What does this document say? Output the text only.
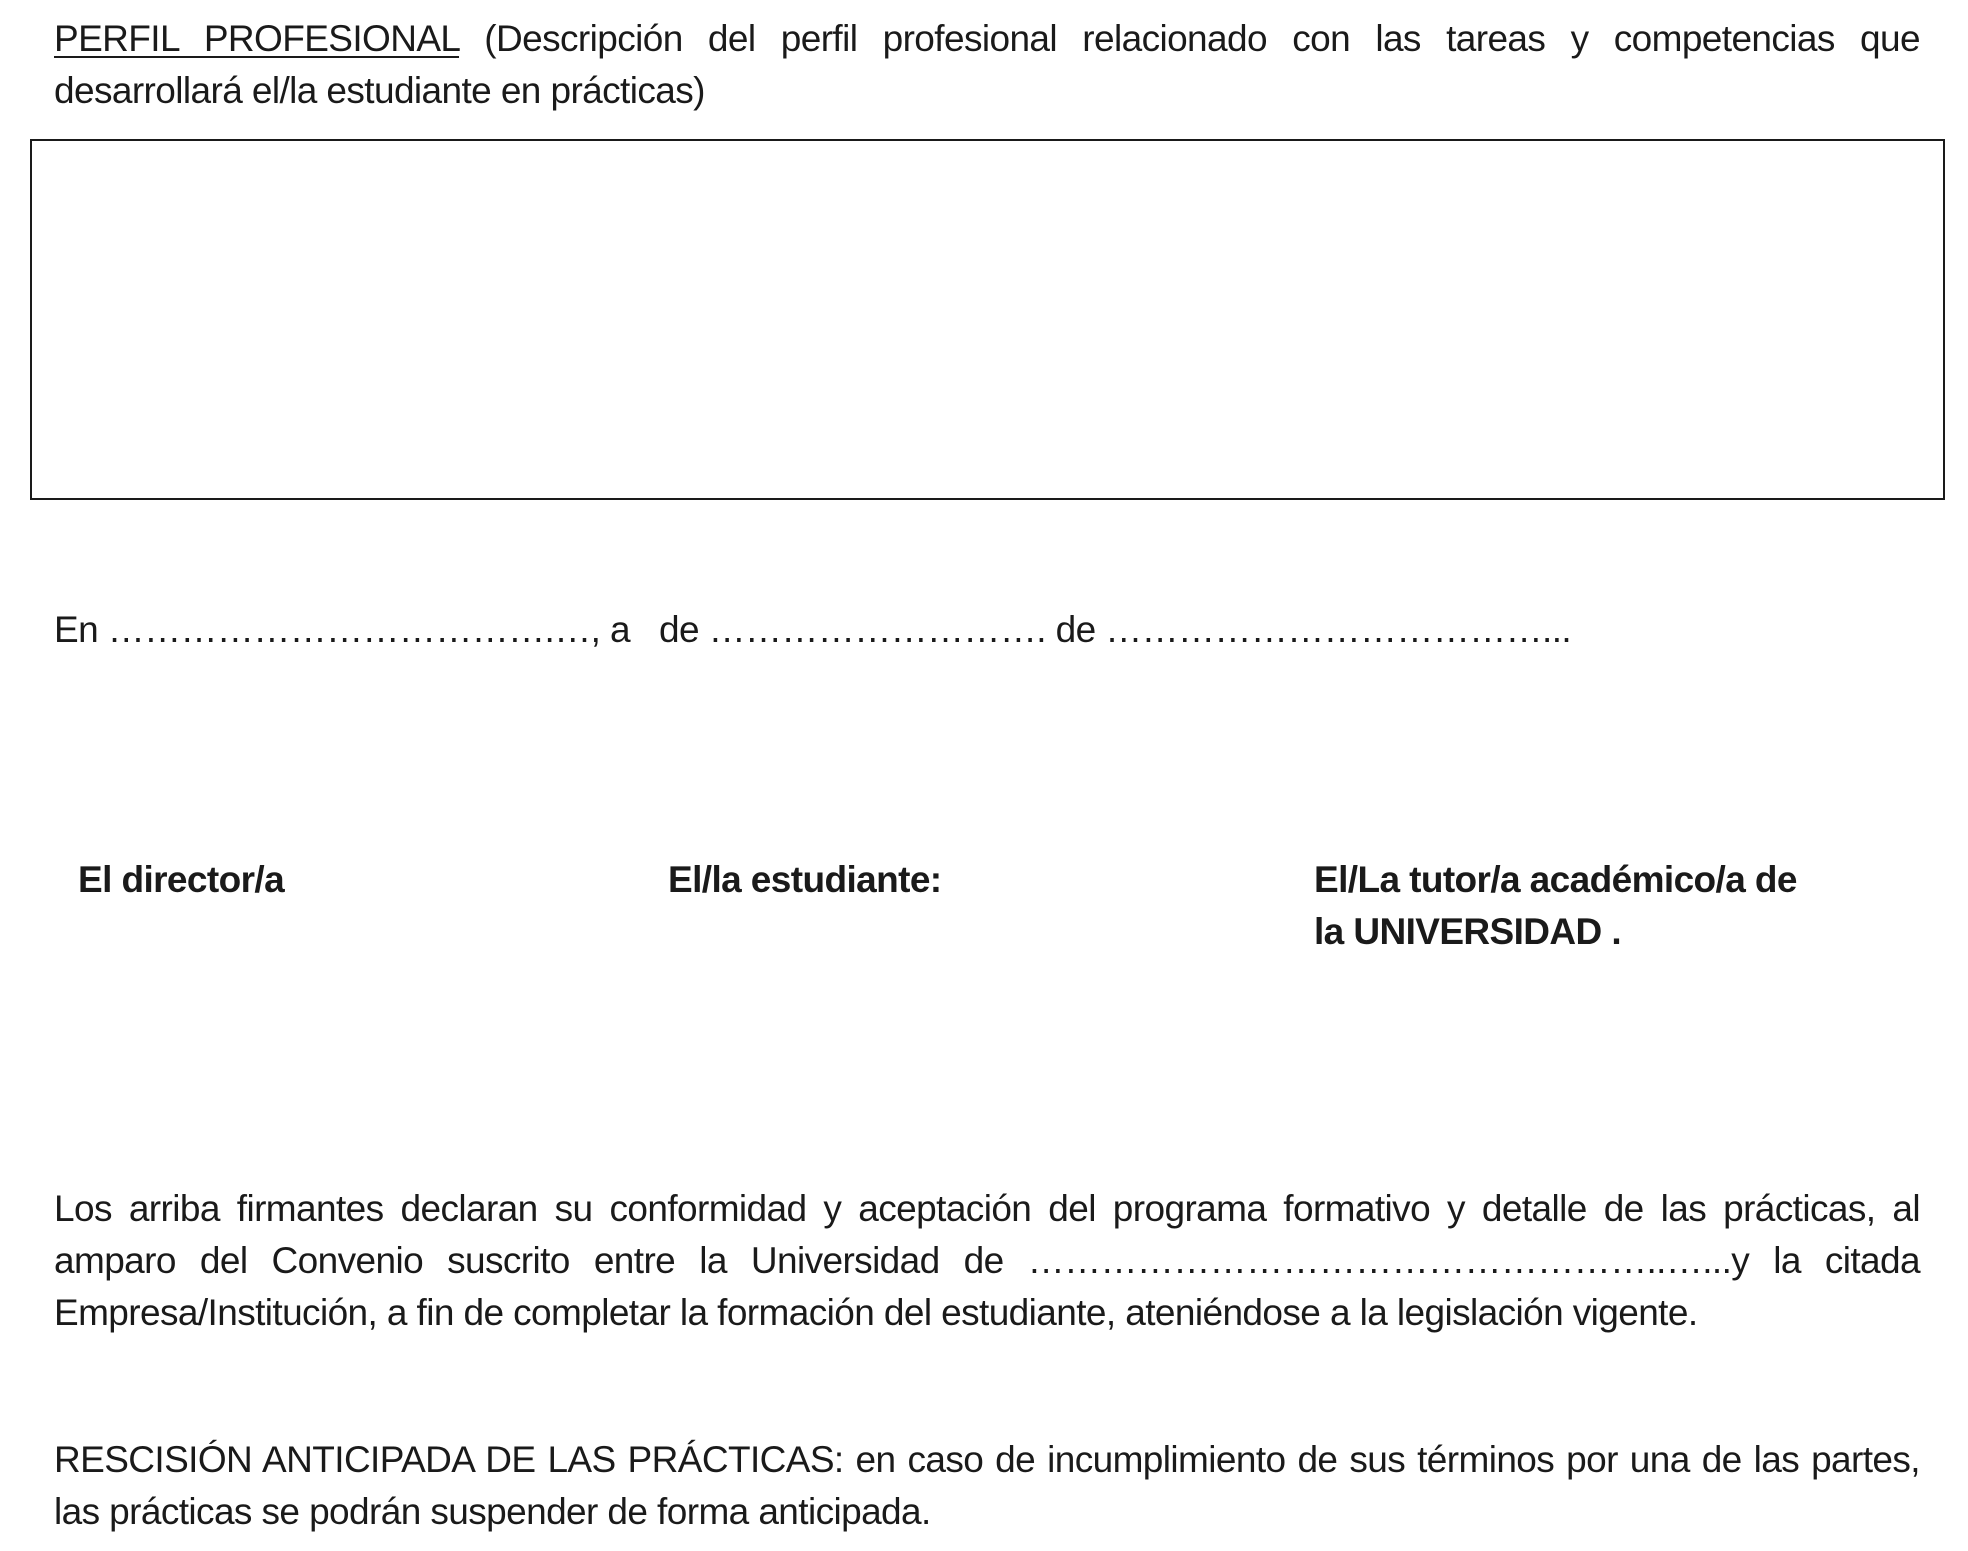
PERFIL PROFESIONAL (Descripción del perfil profesional relacionado con las tareas y competencias que desarrollará el/la estudiante en prácticas)
En ……………………………….…, a   de ………………………. de ………………………………...
El director/a	El/la estudiante:	El/La tutor/a académico/a de
la UNIVERSIDAD .
Los arriba firmantes declaran su conformidad y aceptación del programa formativo y detalle de las prácticas, al amparo del Convenio suscrito entre la Universidad de ……………………………………………..…...y la citada Empresa/Institución, a fin de completar la formación del estudiante, ateniéndose a la legislación vigente.
RESCISIÓN ANTICIPADA DE LAS PRÁCTICAS: en caso de incumplimiento de sus términos por una de las partes, las prácticas se podrán suspender de forma anticipada.
